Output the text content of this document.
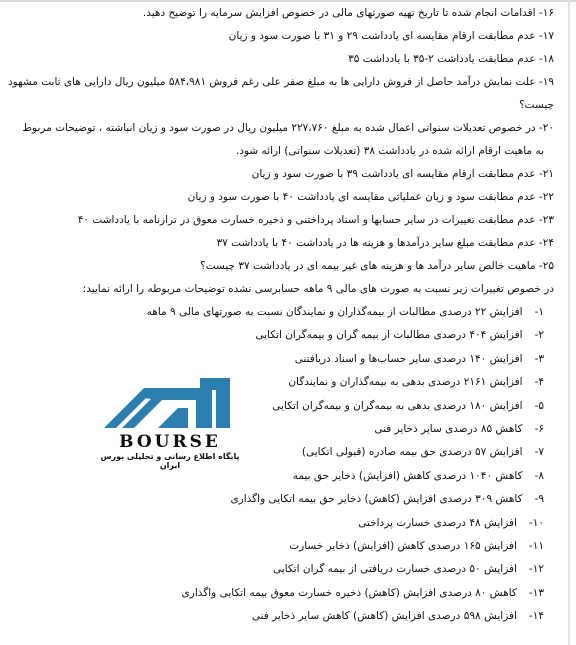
۱۶- اقدامات انجام شده تا تاریخ تهیه صورتهای مالی در خصوص افزایش سرمایه را توضیح دهید.

۱۷- عدم مطابقت ارقام مقایسه ای یادداشت ۲۹ و ۳۱ با صورت سود و زیان

۱۸- عدم مطابقت یادداشت ۲-۳۵ با یادداشت ۳۵

۱۹- علت نمایش درآمد حاصل از فروش دارایی ها به مبلغ صفر علی رغم فروش ۵۸۴،۹۸۱ میلیون ریال دارایی های ثابت مشهود

چیست؟

۲۰- در خصوص تعدیلات سنواتی اعمال شده به مبلغ ۲۲۷،۷۶۰ میلیون ریال در صورت سود و زیان انباشته ، توضیحات مربوط

به ماهیت ارقام ارائه شده در یادداشت ۳۸ (تعدیلات سنواتی) ارائه شود.

۲۱- عدم مطابقت ارقام مقایسه ای یادداشت ۳۹ با صورت سود و زیان

۲۲- عدم مطابقت سود و زیان عملیاتی مقایسه ای یادداشت ۴۰ با صورت سود و زیان

۲۳- عدم مطابقت تغییرات در سایر حسابها و اسناد پرداختنی و ذخیره خسارت معوق در ترازنامه با یادداشت ۴۰

۲۴- عدم مطابقت مبلغ سایر درآمدها و هزینه ها در یادداشت ۴۰ با یادداشت ۳۷

۲۵- ماهیت خالص سایر درآمد ها و هزینه های غیر بیمه ای در یادداشت ۳۷ چیست؟

در خصوص تغییرات زیر نسبت به صورت های مالی ۹ ماهه حسابرسی نشده توضیحات مربوطه را ارائه نمایید:

۱-افزایش ۲۲ درصدی مطالبات از بیمه‌گذاران و نمایندگان نسبت به صورتهای مالی ۹ ماهه
۲-افزایش ۴۰۴ درصدی مطالبات از بیمه گران و بیمه‌گران اتکایی
۳-افزایش ۱۴۰ درصدی سایر حساب‌ها و اسناد دریافتنی
۴-افزایش ۲۱۶۱ درصدی بدهی به بیمه‌گذاران و نمایندگان
۵-افزایش ۱۸۰ درصدی بدهی به بیمه‌گران و بیمه‌گران اتکایی
۶-کاهش ۸۵ درصدی سایر ذخایر فنی
۷-افزایش ۵۷ درصدی حق بیمه صادره (قبولی اتکایی)
۸-کاهش ۱۰۴۰ درصدی کاهش (افزایش) ذخایر حق بیمه
۹-کاهش ۳۰۹ درصدی افزایش (کاهش) ذخایر حق بیمه اتکایی واگذاری
۱۰-افزایش ۴۸ درصدی خسارت پرداختی
۱۱-افزایش ۱۶۵ درصدی کاهش (افزایش) ذخایر خسارت
۱۲-افزایش ۵۰ درصدی خسارت دریافتی از بیمه گران اتکایی
۱۳-کاهش ۸۰ درصدی افزایش (کاهش) ذخیره خسارت معوق بیمه اتکایی واگذاری
۱۴-افزایش ۵۹۸ درصدی افزایش (کاهش) کاهش سایر ذخایر فنی
BOURSE
پایگاه اطلاع رسانی و تحلیلی بورس ایران
